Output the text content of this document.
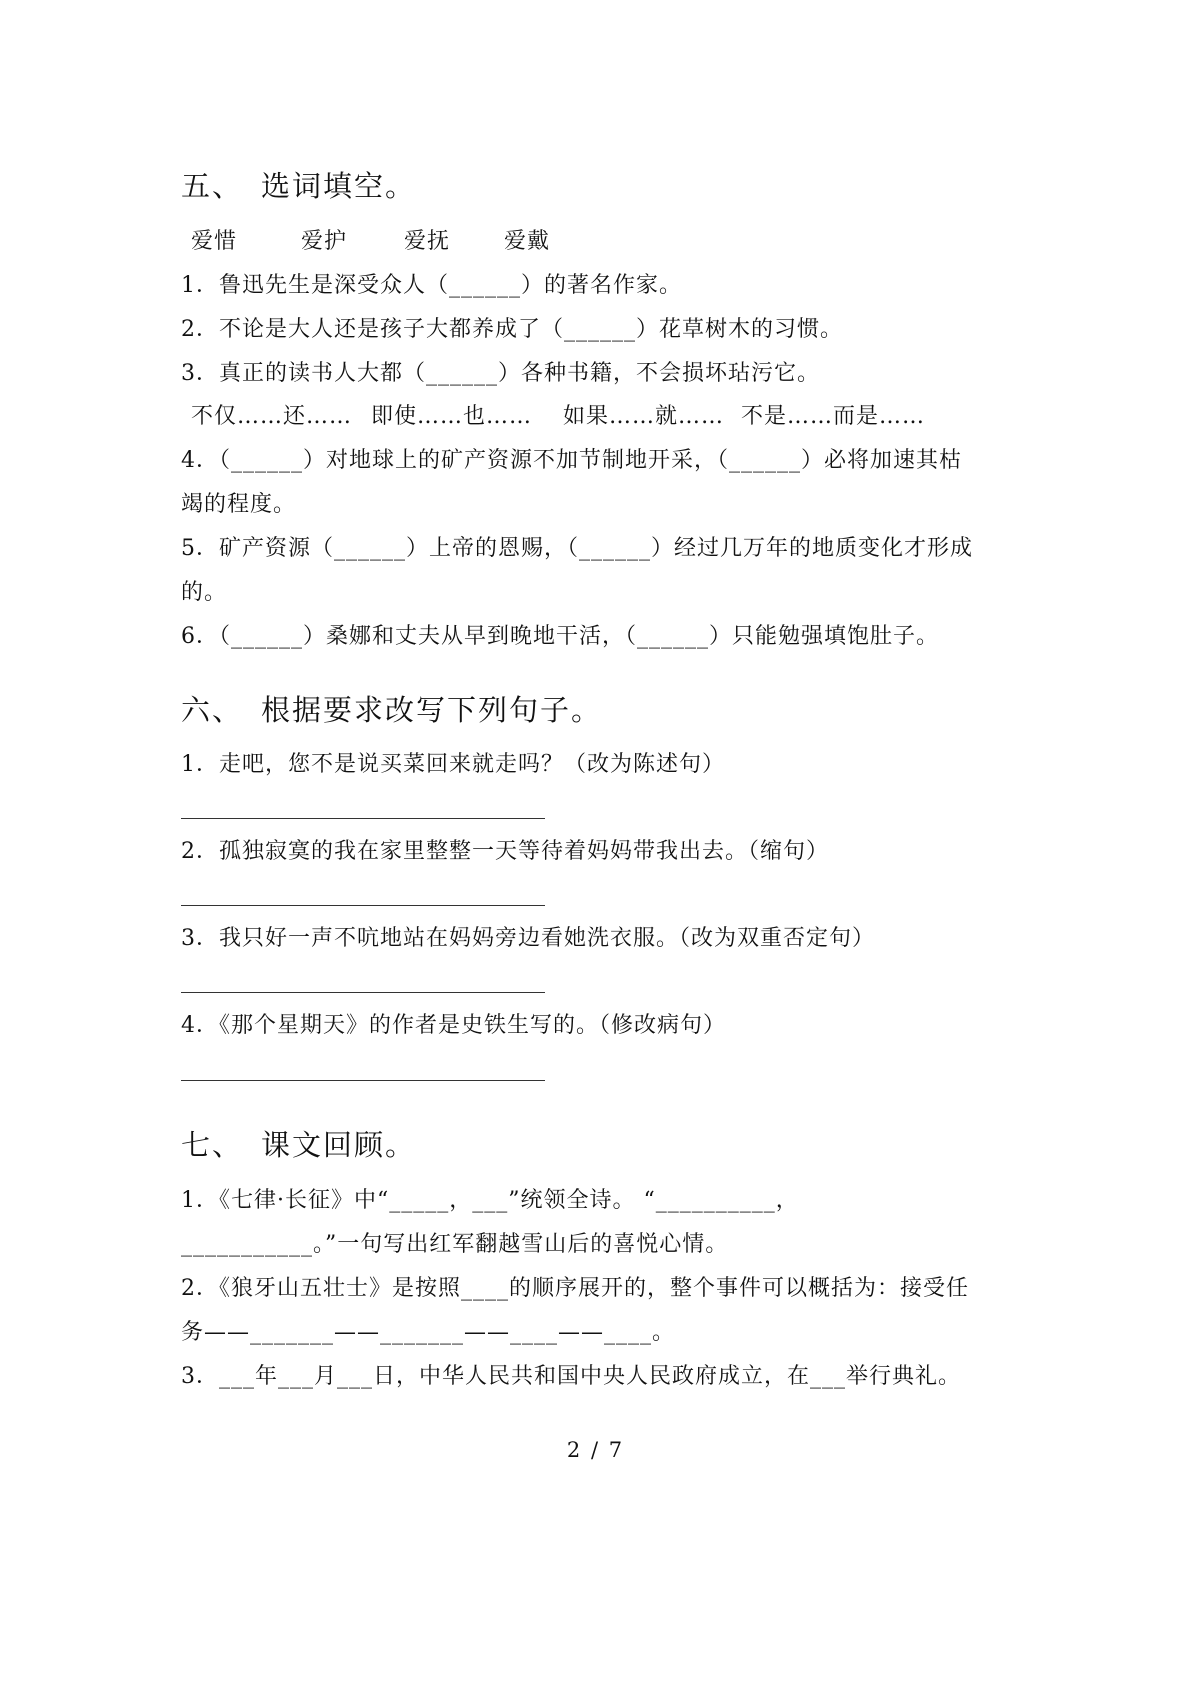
五、 选词填空。
爱惜	爱护	爱抚 爱戴
1．鲁迅先生是深受众人（______）的著名作家。
2．不论是大人还是孩子大都养成了（______）花草树木的习惯。
3．真正的读书人大都（______）各种书籍，不会损坏玷污它。
不仅……还…… 即使……也…… 如果……就…… 不是……而是……
4．（______）对地球上的矿产资源不加节制地开采，（______）必将加速其枯
竭的程度。
5．矿产资源（______）上帝的恩赐，（______）经过几万年的地质变化才形成
的。
6．（______）桑娜和丈夫从早到晚地干活，（______）只能勉强填饱肚子。
六、 根据要求改写下列句子。
1．走吧，您不是说买菜回来就走吗？（改为陈述句）
2．孤独寂寞的我在家里整整一天等待着妈妈带我出去。（缩句）
3．我只好一声不吭地站在妈妈旁边看她洗衣服。（改为双重否定句）
4．《那个星期天》的作者是史铁生写的。（修改病句）
七、 课文回顾。
1．《七律·长征》中“_____，___”统领全诗。 “__________，
___________。”一句写出红军翻越雪山后的喜悦心情。
2．《狼牙山五壮士》是按照____的顺序展开的，整个事件可以概括为：接受任
务——_______——_______——____——____。
3．___年___月___日，中华人民共和国中央人民政府成立，在___举行典礼。
2 / 7
